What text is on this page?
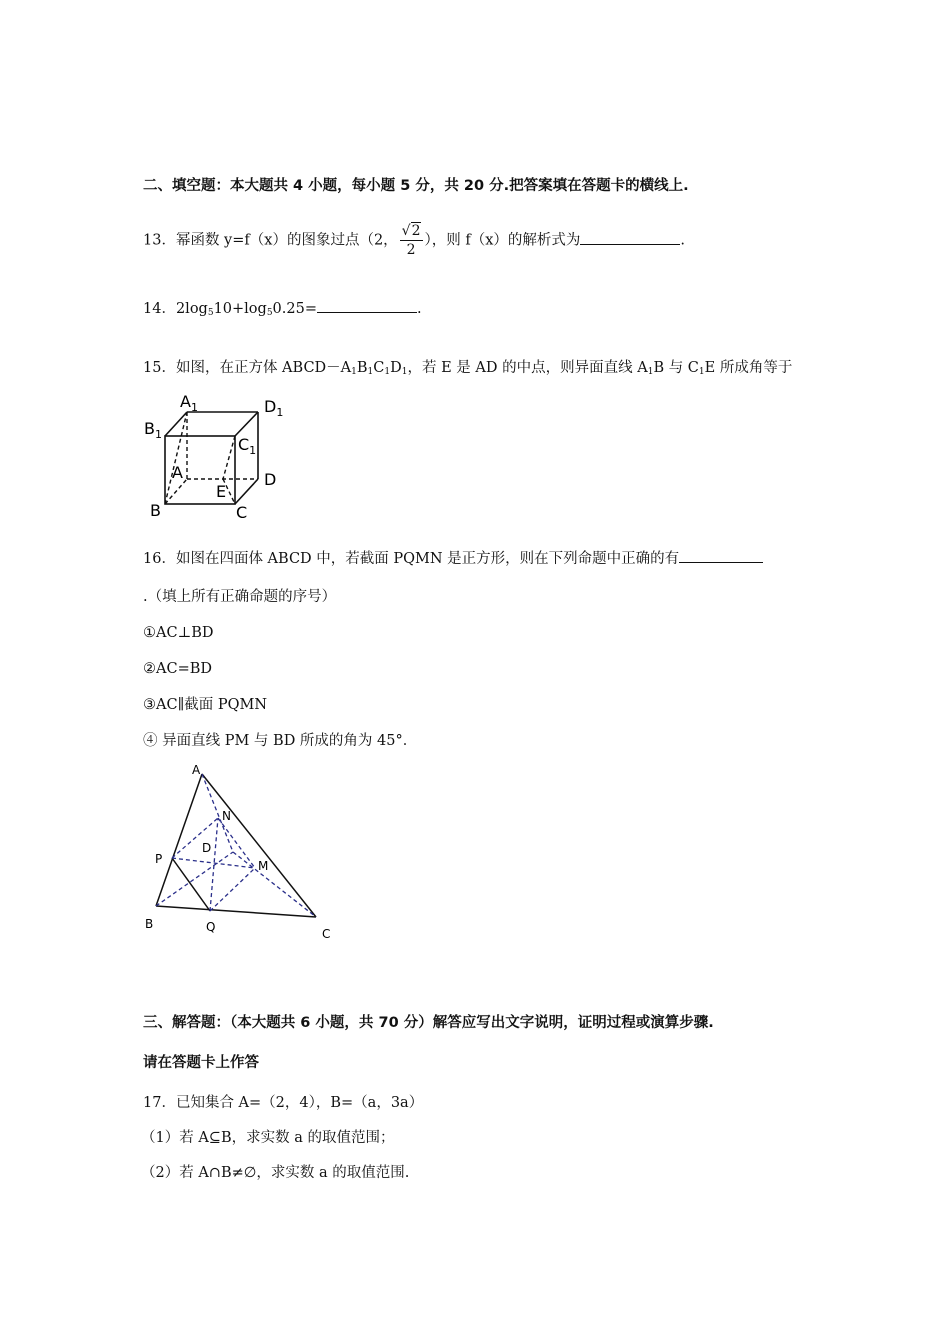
二、填空题：本大题共 4 小题，每小题 5 分，共 20 分.把答案填在答题卡的横线上.
13．幂函数 y=f（x）的图象过点（2， $\frac{√2}{2}$ ），则 f（x）的解析式为	.
14．$2\log_510+\log_50.25=$	.
15．如图，在正方体 $ABCD-A_1B_1C_1D_1$，若 E 是 AD 的中点，则异面直线 $A_1B$ 与 $C_1E$ 所成角等于
$A_1$	$D_1$
$B_1$
$C_1$
A	D
E
B	C
16．如图在四面体 ABCD 中，若截面 PQMN 是正方形，则在下列命题中正确的有
.（填上所有正确命题的序号）
①AC⊥BD
②AC=BD
③AC∥截面 PQMN
④ 异面直线 PM 与 BD 所成的角为 45°．
A
N
D
P	M
B	Q	C
三、解答题：（本大题共 6 小题，共 70 分）解答应写出文字说明，证明过程或演算步骤.
请在答题卡上作答
17．已知集合 A=（2，4），B=（a，3a）
（1）若 A⊆B，求实数 a 的取值范围；
（2）若 A∩B≠∅，求实数 a 的取值范围.
